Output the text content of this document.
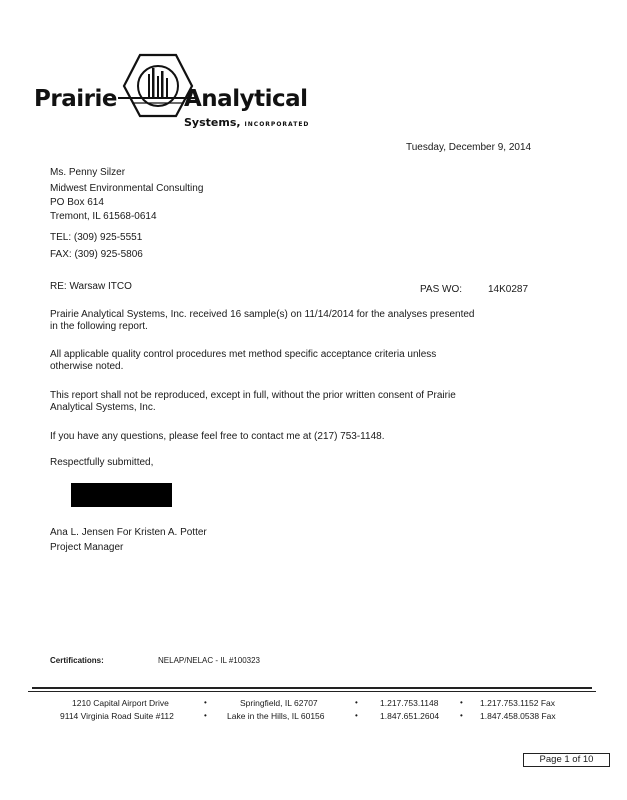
Prairie	Analytical
Systems, INCORPORATED
Tuesday, December 9, 2014
Ms. Penny Silzer
Midwest Environmental Consulting
PO Box 614
Tremont, IL 61568-0614
TEL: (309) 925-5551
FAX: (309) 925-5806
RE: Warsaw ITCO	PAS WO:	14K0287
Prairie Analytical Systems, Inc. received 16 sample(s) on 11/14/2014 for the analyses presented
in the following report.
All applicable quality control procedures met method specific acceptance criteria unless
otherwise noted.
This report shall not be reproduced, except in full, without the prior written consent of Prairie
Analytical Systems, Inc.
If you have any questions, please feel free to contact me at (217) 753-1148.
Respectfully submitted,
Ana L. Jensen For Kristen A. Potter
Project Manager
Certifications:	NELAP/NELAC - IL #100323
1210 Capital Airport Drive	•	Springfield, IL 62707	•	1.217.753.1148	• 1.217.753.1152 Fax
9114 Virginia Road Suite #112	• Lake in the Hills, IL 60156	•	1.847.651.2604	• 1.847.458.0538 Fax
Page 1 of 10
